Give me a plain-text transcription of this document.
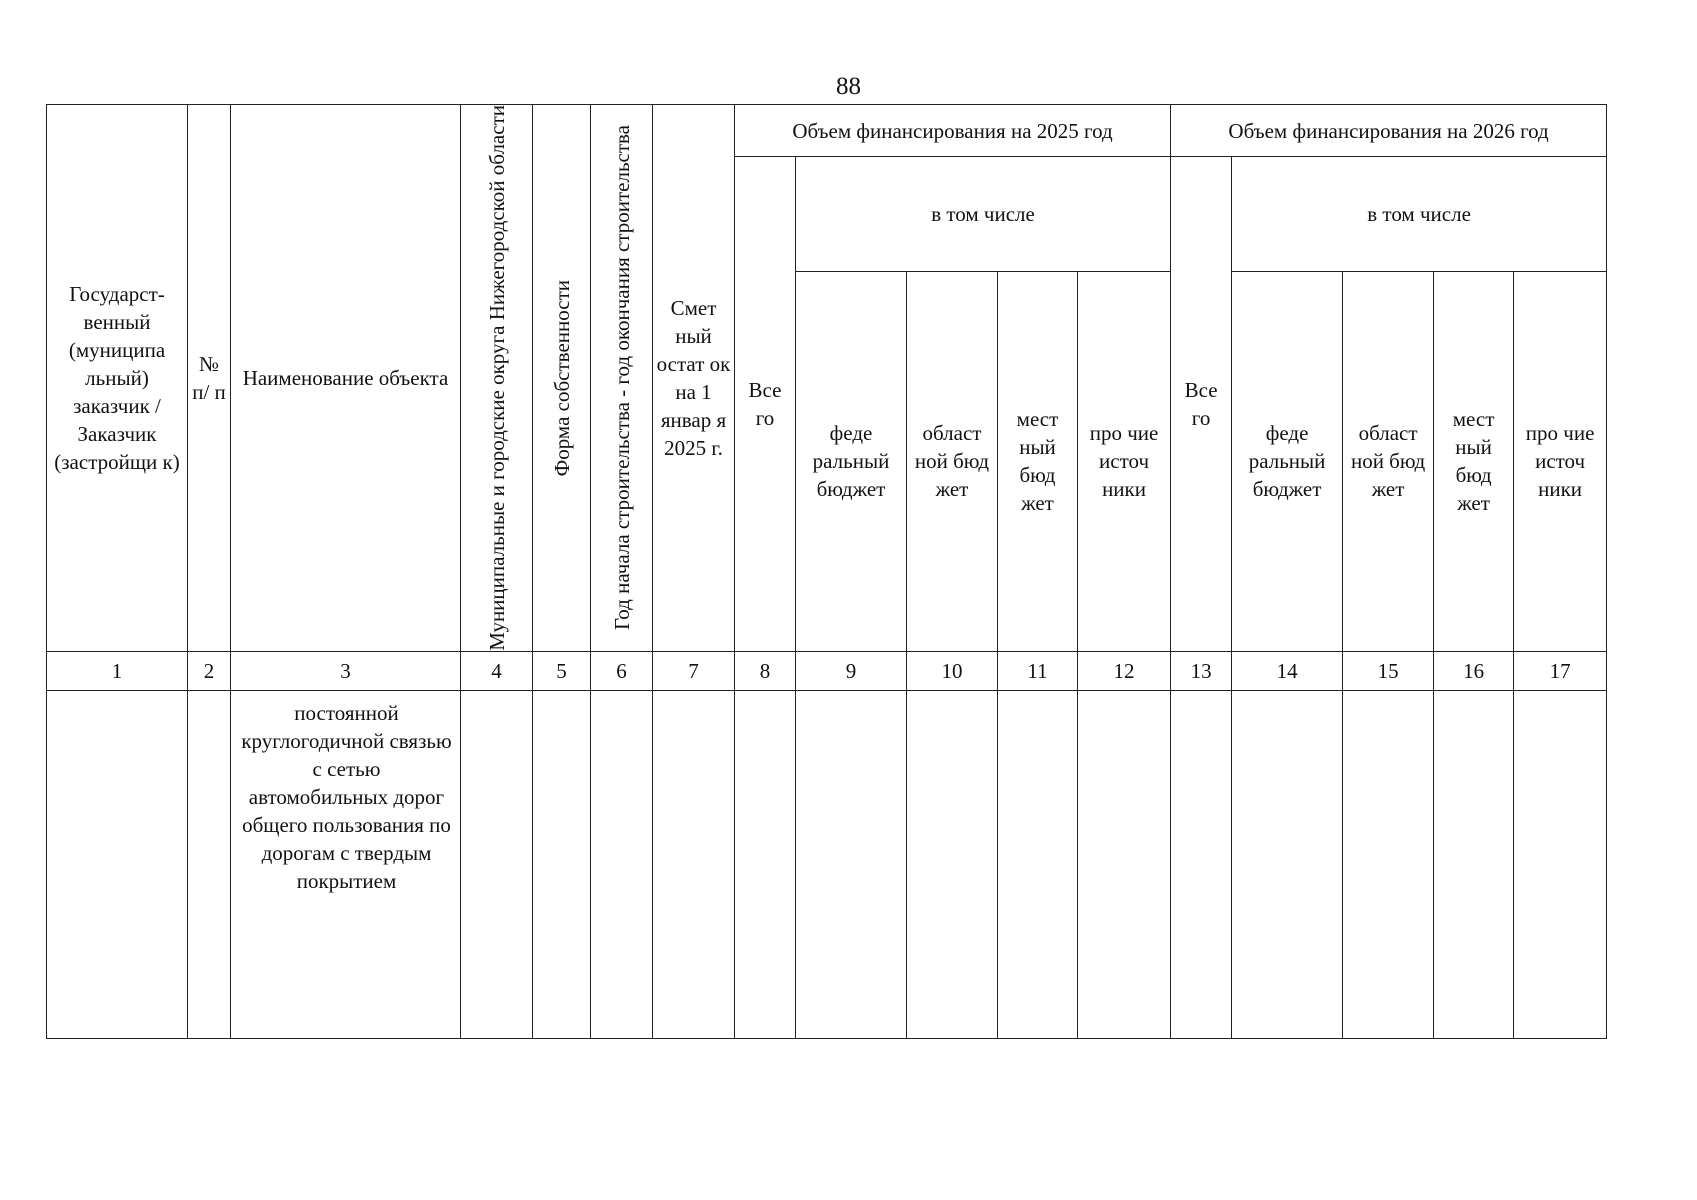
88
Государст-венный (муниципа льный) заказчик / Заказчик (застройщи к)	№ п/ п	Наименование объекта	Муниципальные и городские округа Нижегородской области	Форма собственности	Год начала строительства - год окончания строительства	Смет ный остат ок на 1 январ я 2025 г.	Объем финансирования на 2025 год					Объем финансирования на 2026 год				

							Все го	в том числе				Все го	в том числе			

								феде ральный бюджет	област ной бюд жет	мест ный бюд жет	про чие источ ники		феде ральный бюджет	област ной бюд жет	мест ный бюд жет	про чие источ ники

1	2	3	4	5	6	7	8	9	10	11	12	13	14	15	16	17
		постоянной круглогодичной связью с сетью автомобильных дорог общего пользования по дорогам с твердым покрытием														
